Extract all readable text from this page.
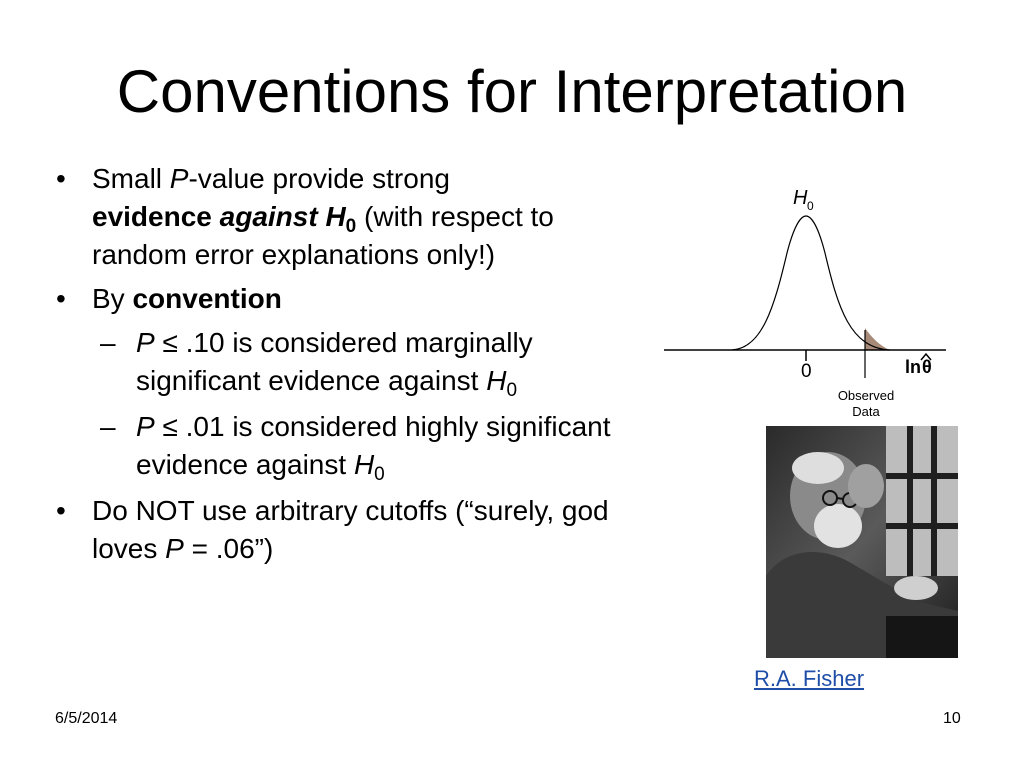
Conventions for Interpretation
• Small P-value provide strong
evidence against $H_0$ (with respect to random error explanations only!)
• By convention
– P ≤ .10 is considered marginally significant evidence against $H_0$
– P ≤ .01 is considered highly significant evidence against $H_0$
• Do NOT use arbitrary cutoffs (“surely, god loves P = .06”)
H 0
0	ln θ
Observed
Data
R.A. Fisher
6/5/2014	10
